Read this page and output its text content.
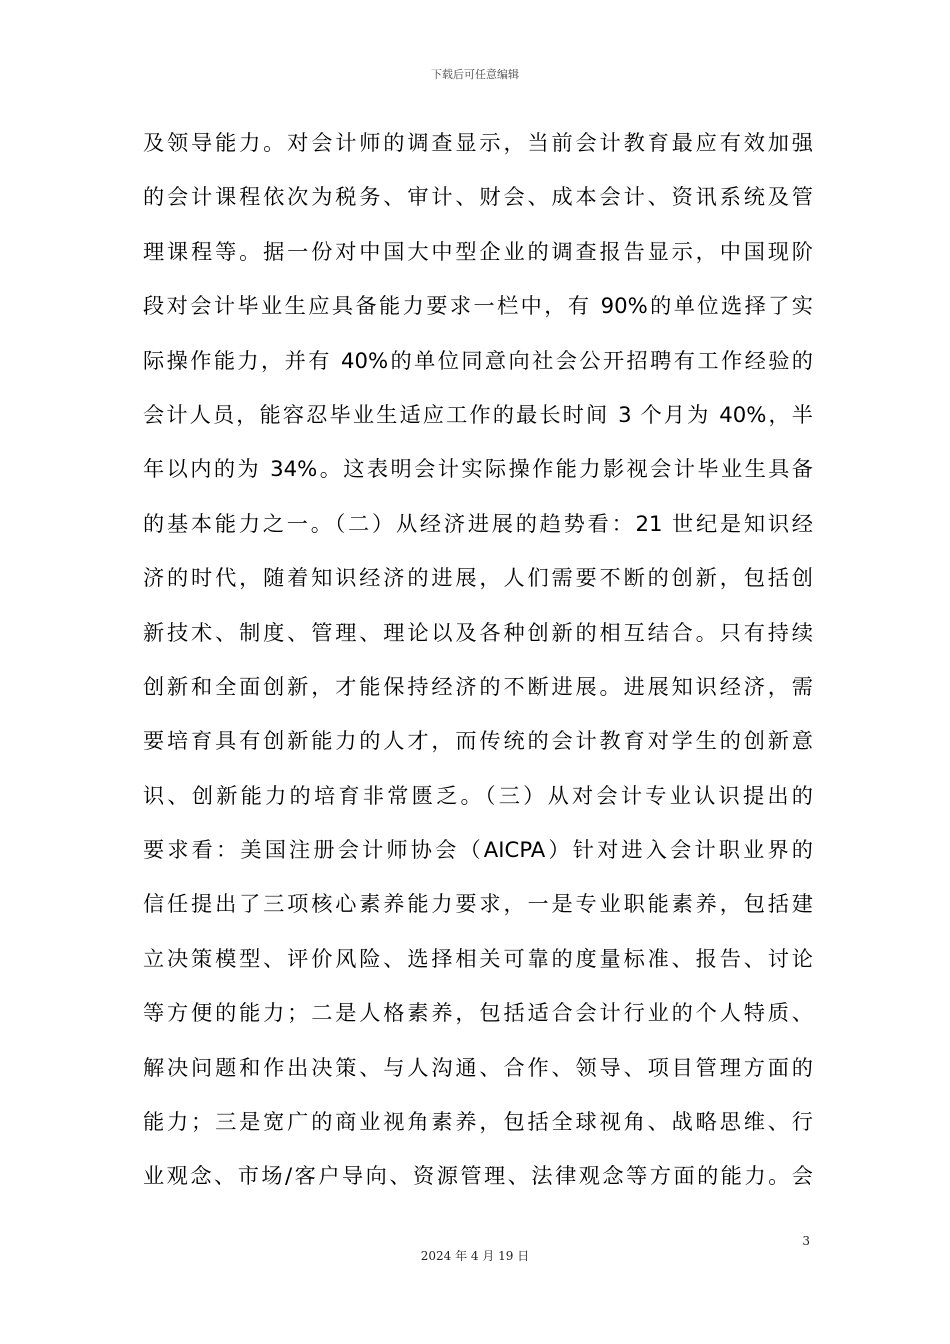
下载后可任意编辑
及领导能力。对会计师的调查显示，当前会计教育最应有效加强
的会计课程依次为税务、审计、财会、成本会计、资讯系统及管
理课程等。据一份对中国大中型企业的调查报告显示，中国现阶
段对会计毕业生应具备能力要求一栏中，有 90%的单位选择了实
际操作能力，并有 40%的单位同意向社会公开招聘有工作经验的
会计人员，能容忍毕业生适应工作的最长时间 3 个月为 40%，半
年以内的为 34%。这表明会计实际操作能力影视会计毕业生具备
的基本能力之一。（二）从经济进展的趋势看：21 世纪是知识经
济的时代，随着知识经济的进展，人们需要不断的创新，包括创
新技术、制度、管理、理论以及各种创新的相互结合。只有持续
创新和全面创新，才能保持经济的不断进展。进展知识经济，需
要培育具有创新能力的人才，而传统的会计教育对学生的创新意
识、创新能力的培育非常匮乏。（三）从对会计专业认识提出的
要求看：美国注册会计师协会（AICPA）针对进入会计职业界的
信任提出了三项核心素养能力要求，一是专业职能素养，包括建
立决策模型、评价风险、选择相关可靠的度量标准、报告、讨论
等方便的能力；二是人格素养，包括适合会计行业的个人特质、
解决问题和作出决策、与人沟通、合作、领导、项目管理方面的
能力；三是宽广的商业视角素养，包括全球视角、战略思维、行
业观念、市场/客户导向、资源管理、法律观念等方面的能力。会
3
2024 年 4 月 19 日
